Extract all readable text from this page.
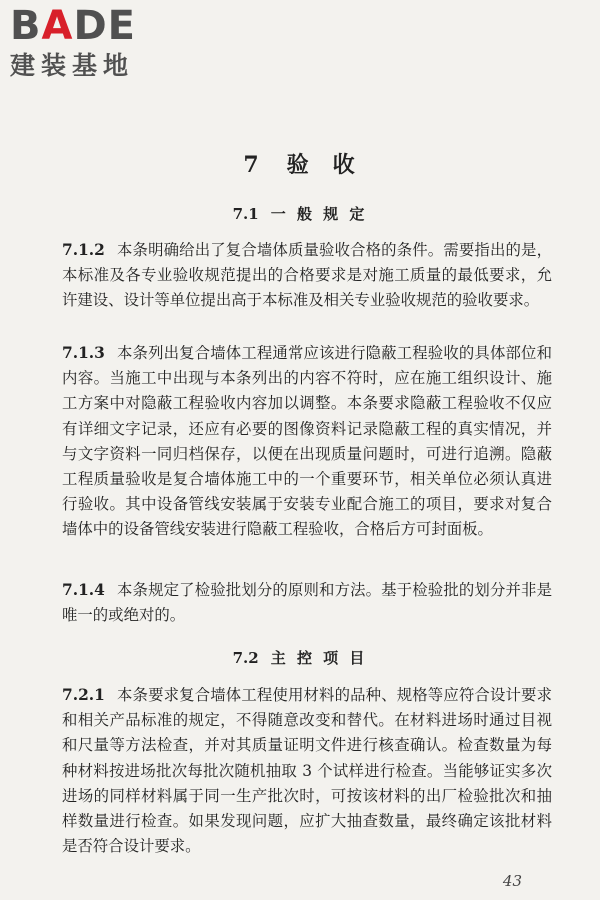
BADE
建装基地
7 验 收
7.1 一 般 规 定

7.1.2 本条明确给出了复合墙体质量验收合格的条件。需要指出的是，本标准及各专业验收规范提出的合格要求是对施工质量的最低要求，允许建设、设计等单位提出高于本标准及相关专业验收规范的验收要求。

7.1.3 本条列出复合墙体工程通常应该进行隐蔽工程验收的具体部位和内容。当施工中出现与本条列出的内容不符时，应在施工组织设计、施工方案中对隐蔽工程验收内容加以调整。本条要求隐蔽工程验收不仅应有详细文字记录，还应有必要的图像资料记录隐蔽工程的真实情况，并与文字资料一同归档保存，以便在出现质量问题时，可进行追溯。隐蔽工程质量验收是复合墙体施工中的一个重要环节，相关单位必须认真进行验收。其中设备管线安装属于安装专业配合施工的项目，要求对复合墙体中的设备管线安装进行隐蔽工程验收，合格后方可封面板。

7.1.4 本条规定了检验批划分的原则和方法。基于检验批的划分并非是唯一的或绝对的。

7.2 主 控 项 目

7.2.1 本条要求复合墙体工程使用材料的品种、规格等应符合设计要求和相关产品标准的规定，不得随意改变和替代。在材料进场时通过目视和尺量等方法检查，并对其质量证明文件进行核查确认。检查数量为每种材料按进场批次每批次随机抽取 3 个试样进行检查。当能够证实多次进场的同样材料属于同一生产批次时，可按该材料的出厂检验批次和抽样数量进行检查。如果发现问题，应扩大抽查数量，最终确定该批材料是否符合设计要求。

43
